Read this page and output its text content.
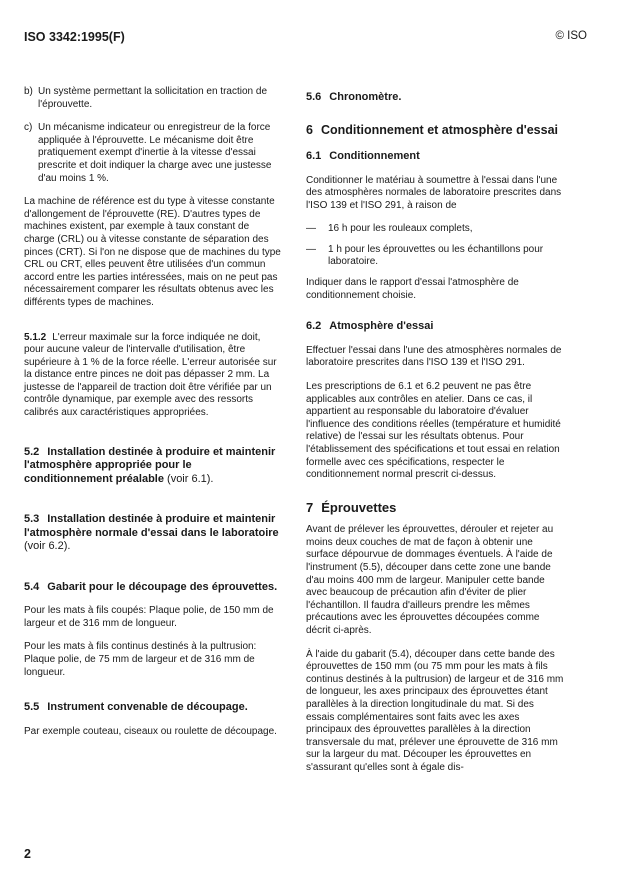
ISO 3342:1995(F)	© ISO
b) Un système permettant la sollicitation en traction de l'éprouvette.
c) Un mécanisme indicateur ou enregistreur de la force appliquée à l'éprouvette. Le mécanisme doit être pratiquement exempt d'inertie à la vitesse d'essai prescrite et doit indiquer la charge avec une justesse d'au moins 1 %.

La machine de référence est du type à vitesse constante d'allongement de l'éprouvette (RE). D'autres types de machines existent, par exemple à taux constant de charge (CRL) ou à vitesse constante de séparation des pinces (CRT). Si l'on ne dispose que de machines du type CRL ou CRT, elles peuvent être utilisées d'un commun accord entre les parties intéressées, mais on ne peut pas nécessairement comparer les résultats obtenus avec les différents types de machines.

5.1.2 L'erreur maximale sur la force indiquée ne doit, pour aucune valeur de l'intervalle d'utilisation, être supérieure à 1 % de la force réelle. L'erreur autorisée sur la distance entre pinces ne doit pas dépasser 2 mm. La justesse de l'appareil de traction doit être vérifiée par un contrôle dynamique, par exemple avec des ressorts calibrés aux caractéristiques appropriées.

5.2 Installation destinée à produire et maintenir l'atmosphère appropriée pour le conditionnement préalable (voir 6.1).
5.3 Installation destinée à produire et maintenir l'atmosphère normale d'essai dans le laboratoire (voir 6.2).
5.4 Gabarit pour le découpage des éprouvettes.

Pour les mats à fils coupés: Plaque polie, de 150 mm de largeur et de 316 mm de longueur.

Pour les mats à fils continus destinés à la pultrusion: Plaque polie, de 75 mm de largeur et de 316 mm de longueur.

5.5 Instrument convenable de découpage.

Par exemple couteau, ciseaux ou roulette de découpage.

5.6 Chronomètre.
6 Conditionnement et atmosphère d'essai
6.1 Conditionnement

Conditionner le matériau à soumettre à l'essai dans l'une des atmosphères normales de laboratoire prescrites dans l'ISO 139 et l'ISO 291, à raison de

—	16 h pour les rouleaux complets,
—	1 h pour les éprouvettes ou les échantillons pour laboratoire.

Indiquer dans le rapport d'essai l'atmosphère de conditionnement choisie.

6.2 Atmosphère d'essai

Effectuer l'essai dans l'une des atmosphères normales de laboratoire prescrites dans l'ISO 139 et l'ISO 291.

Les prescriptions de 6.1 et 6.2 peuvent ne pas être applicables aux contrôles en atelier. Dans ce cas, il appartient au responsable du laboratoire d'évaluer l'influence des conditions réelles (température et humidité relative) de l'essai sur les résultats obtenus. Pour l'établissement des spécifications et tout essai en relation formelle avec ces spécifications, respecter le conditionnement normal prescrit ci-dessus.

7 Éprouvettes

Avant de prélever les éprouvettes, dérouler et rejeter au moins deux couches de mat de façon à obtenir une surface dépourvue de dommages éventuels. À l'aide de l'instrument (5.5), découper dans cette zone une bande d'au moins 400 mm de largeur. Manipuler cette bande avec beaucoup de précaution afin d'éviter de plier l'échantillon. Il faudra d'ailleurs prendre les mêmes précautions avec les éprouvettes découpées comme décrit ci-après.

À l'aide du gabarit (5.4), découper dans cette bande des éprouvettes de 150 mm (ou 75 mm pour les mats à fils continus destinés à la pultrusion) de largeur et de 316 mm de longueur, les axes principaux des éprouvettes étant parallèles à la direction longitudinale du mat. Si des essais complémentaires sont faits avec les axes principaux des éprouvettes parallèles à la direction transversale du mat, prélever une éprouvette de 316 mm sur la largeur du mat. Découper les éprouvettes en s'assurant qu'elles sont à égale dis-

2
